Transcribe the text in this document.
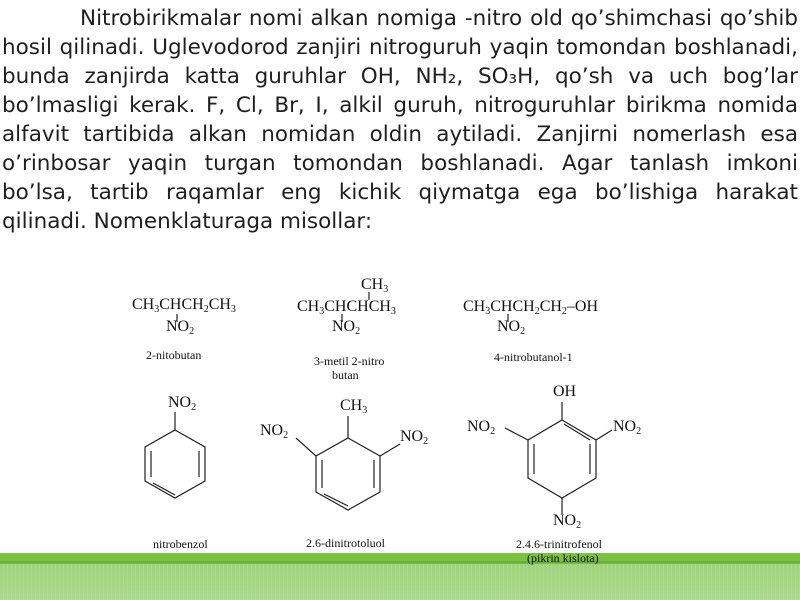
Nitrobirikmalar nomi alkan nomiga -nitro old qo’shimchasi qo’shib hosil qilinadi. Uglevodorod zanjiri nitroguruh yaqin tomondan boshlanadi, bunda zanjirda katta guruhlar OH, NH₂, SO₃H, qo’sh va uch bog’lar bo’lmasligi kerak. F, Cl, Br, I, alkil guruh, nitroguruhlar birikma nomida alfavit tartibida alkan nomidan oldin aytiladi. Zanjirni nomerlash esa o’rinbosar yaqin turgan tomondan boshlanadi. Agar tanlash imkoni bo’lsa, tartib raqamlar eng kichik qiymatga ega bo’lishiga harakat qilinadi. Nomenklaturaga misollar:
$CH_3CHCH_2CH_3$
$NO_2$
2-nitobutan
$CH_3$
$CH_3CHCHCH_3$
$NO_2$
3-metil 2-nitro
butan
$CH_3CHCH_2CH_2-OH$
$NO_2$
4-nitrobutanol-1
$NO_2$
nitrobenzol
$CH_3$
$NO_2$	$NO_2$
2.6-dinitrotoluol
OH
$NO_2$	$NO_2$
$NO_2$
2.4.6-trinitrofenol
(pikrin kislota)
